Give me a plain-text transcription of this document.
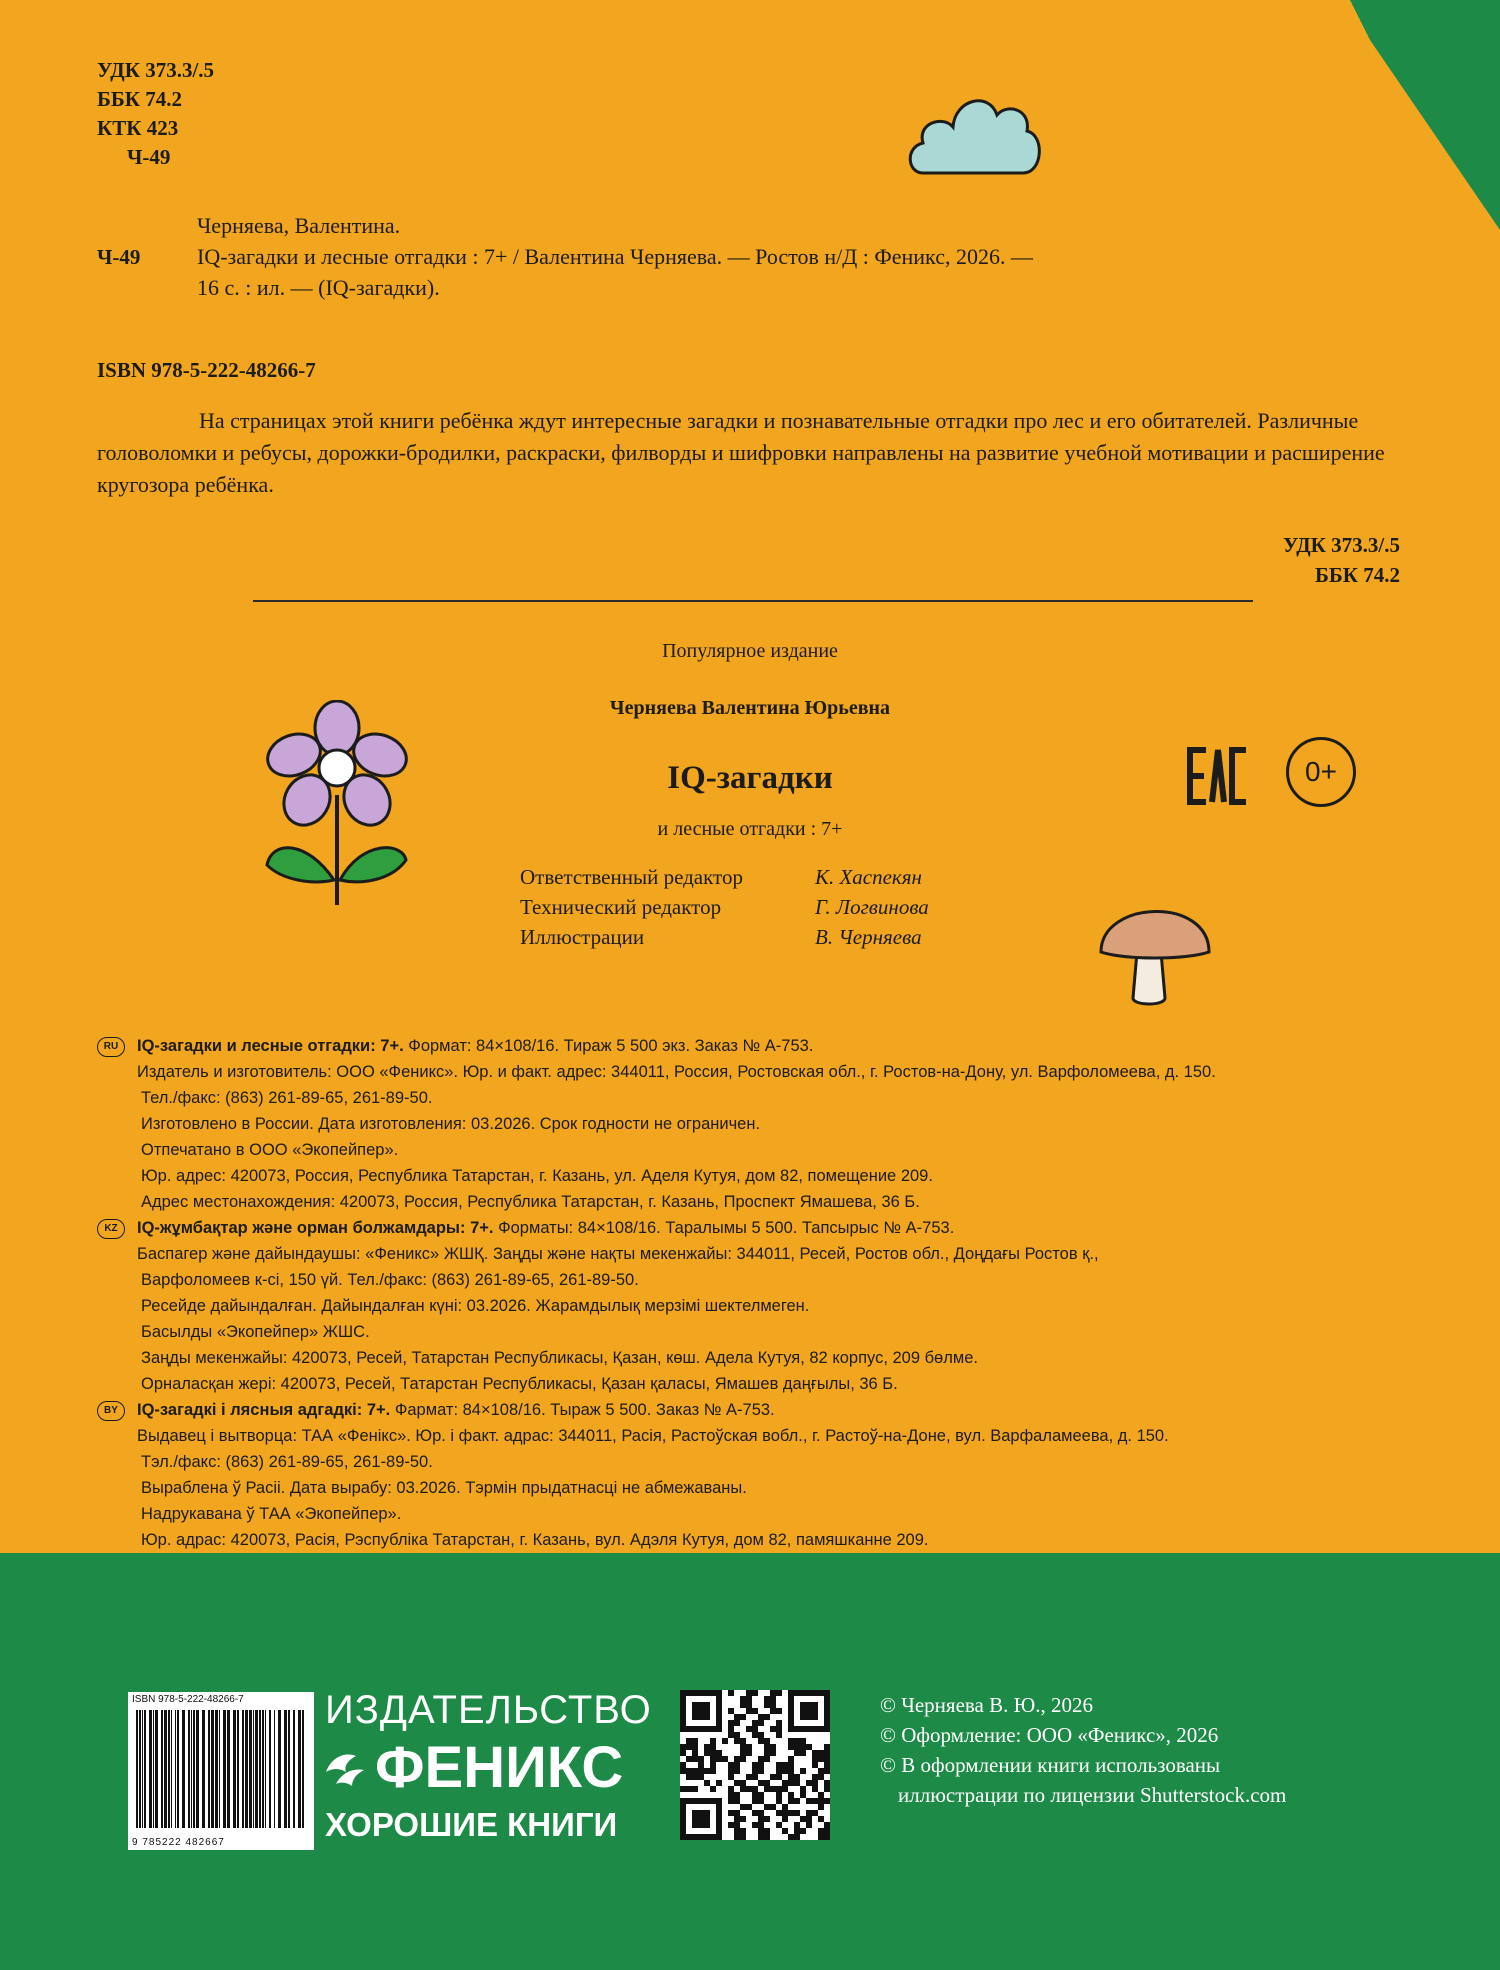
УДК 373.3/.5
ББК 74.2
КТК 423
Ч-49
Ч-49
Черняева, Валентина.
IQ-загадки и лесные отгадки : 7+ / Валентина Черняева. — Ростов н/Д : Феникс, 2026. —
16 с. : ил. — (IQ-загадки).
ISBN 978-5-222-48266-7
На страницах этой книги ребёнка ждут интересные загадки и познавательные отгадки про лес и его обитателей. Различные головоломки и ребусы, дорожки-бродилки, раскраски, филворды и шифровки направлены на развитие учебной мотивации и расширение кругозора ребёнка.
УДК 373.3/.5
ББК 74.2
Популярное издание
Черняева Валентина Юрьевна
IQ-загадки
и лесные отгадки : 7+
Ответственный редактор	К. Хаспекян
Технический редактор	Г. Логвинова
Иллюстрации	В. Черняева
0+
RU	IQ-загадки и лесные отгадки: 7+. Формат: 84×108/16. Тираж 5 500 экз. Заказ № А-753.
Издатель и изготовитель: ООО «Феникс». Юр. и факт. адрес: 344011, Россия, Ростовская обл., г. Ростов-на-Дону, ул. Варфоломеева, д. 150.
Тел./факс: (863) 261-89-65, 261-89-50.
Изготовлено в России. Дата изготовления: 03.2026. Срок годности не ограничен.
Отпечатано в ООО «Экопейпер».
Юр. адрес: 420073, Россия, Республика Татарстан, г. Казань, ул. Аделя Кутуя, дом 82, помещение 209.
Адрес местонахождения: 420073, Россия, Республика Татарстан, г. Казань, Проспект Ямашева, 36 Б.
KZ	IQ-жұмбақтар және орман болжамдары: 7+. Форматы: 84×108/16. Таралымы 5 500. Тапсырыс № А-753.
Баспагер және дайындаушы: «Феникс» ЖШҚ. Заңды және нақты мекенжайы: 344011, Ресей, Ростов обл., Доңдағы Ростов қ.,
Варфоломеев к-сі, 150 үй. Тел./факс: (863) 261-89-65, 261-89-50.
Ресейде дайындалған. Дайындалған күні: 03.2026. Жарамдылық мерзімі шектелмеген.
Басылды «Экопейпер» ЖШС.
Заңды мекенжайы: 420073, Ресей, Татарстан Республикасы, Қазан, көш. Адела Кутуя, 82 корпус, 209 бөлме.
Орналасқан жері: 420073, Ресей, Татарстан Республикасы, Қазан қаласы, Ямашев даңғылы, 36 Б.
BY	IQ-загадкі і лясныя адгадкі: 7+. Фармат: 84×108/16. Тыраж 5 500. Заказ № А-753.
Выдавец і вытворца: ТАА «Фенікс». Юр. і факт. адрас: 344011, Расія, Растоўская вобл., г. Растоў-на-Доне, вул. Варфаламеева, д. 150.
Тэл./факс: (863) 261-89-65, 261-89-50.
Выраблена ў Расіі. Дата вырабу: 03.2026. Тэрмін прыдатнасці не абмежаваны.
Надрукавана ў ТАА «Экопейпер».
Юр. адрас: 420073, Расія, Рэспубліка Татарстан, г. Казань, вул. Адэля Кутуя, дом 82, памяшканне 209.
ISBN 978-5-222-48266-7
9 785222 482667
ИЗДАТЕЛЬСТВО
ФЕНИКС
ХОРОШИЕ КНИГИ
© Черняева В. Ю., 2026
© Оформление: ООО «Феникс», 2026
© В оформлении книги использованы
иллюстрации по лицензии Shutterstock.com
